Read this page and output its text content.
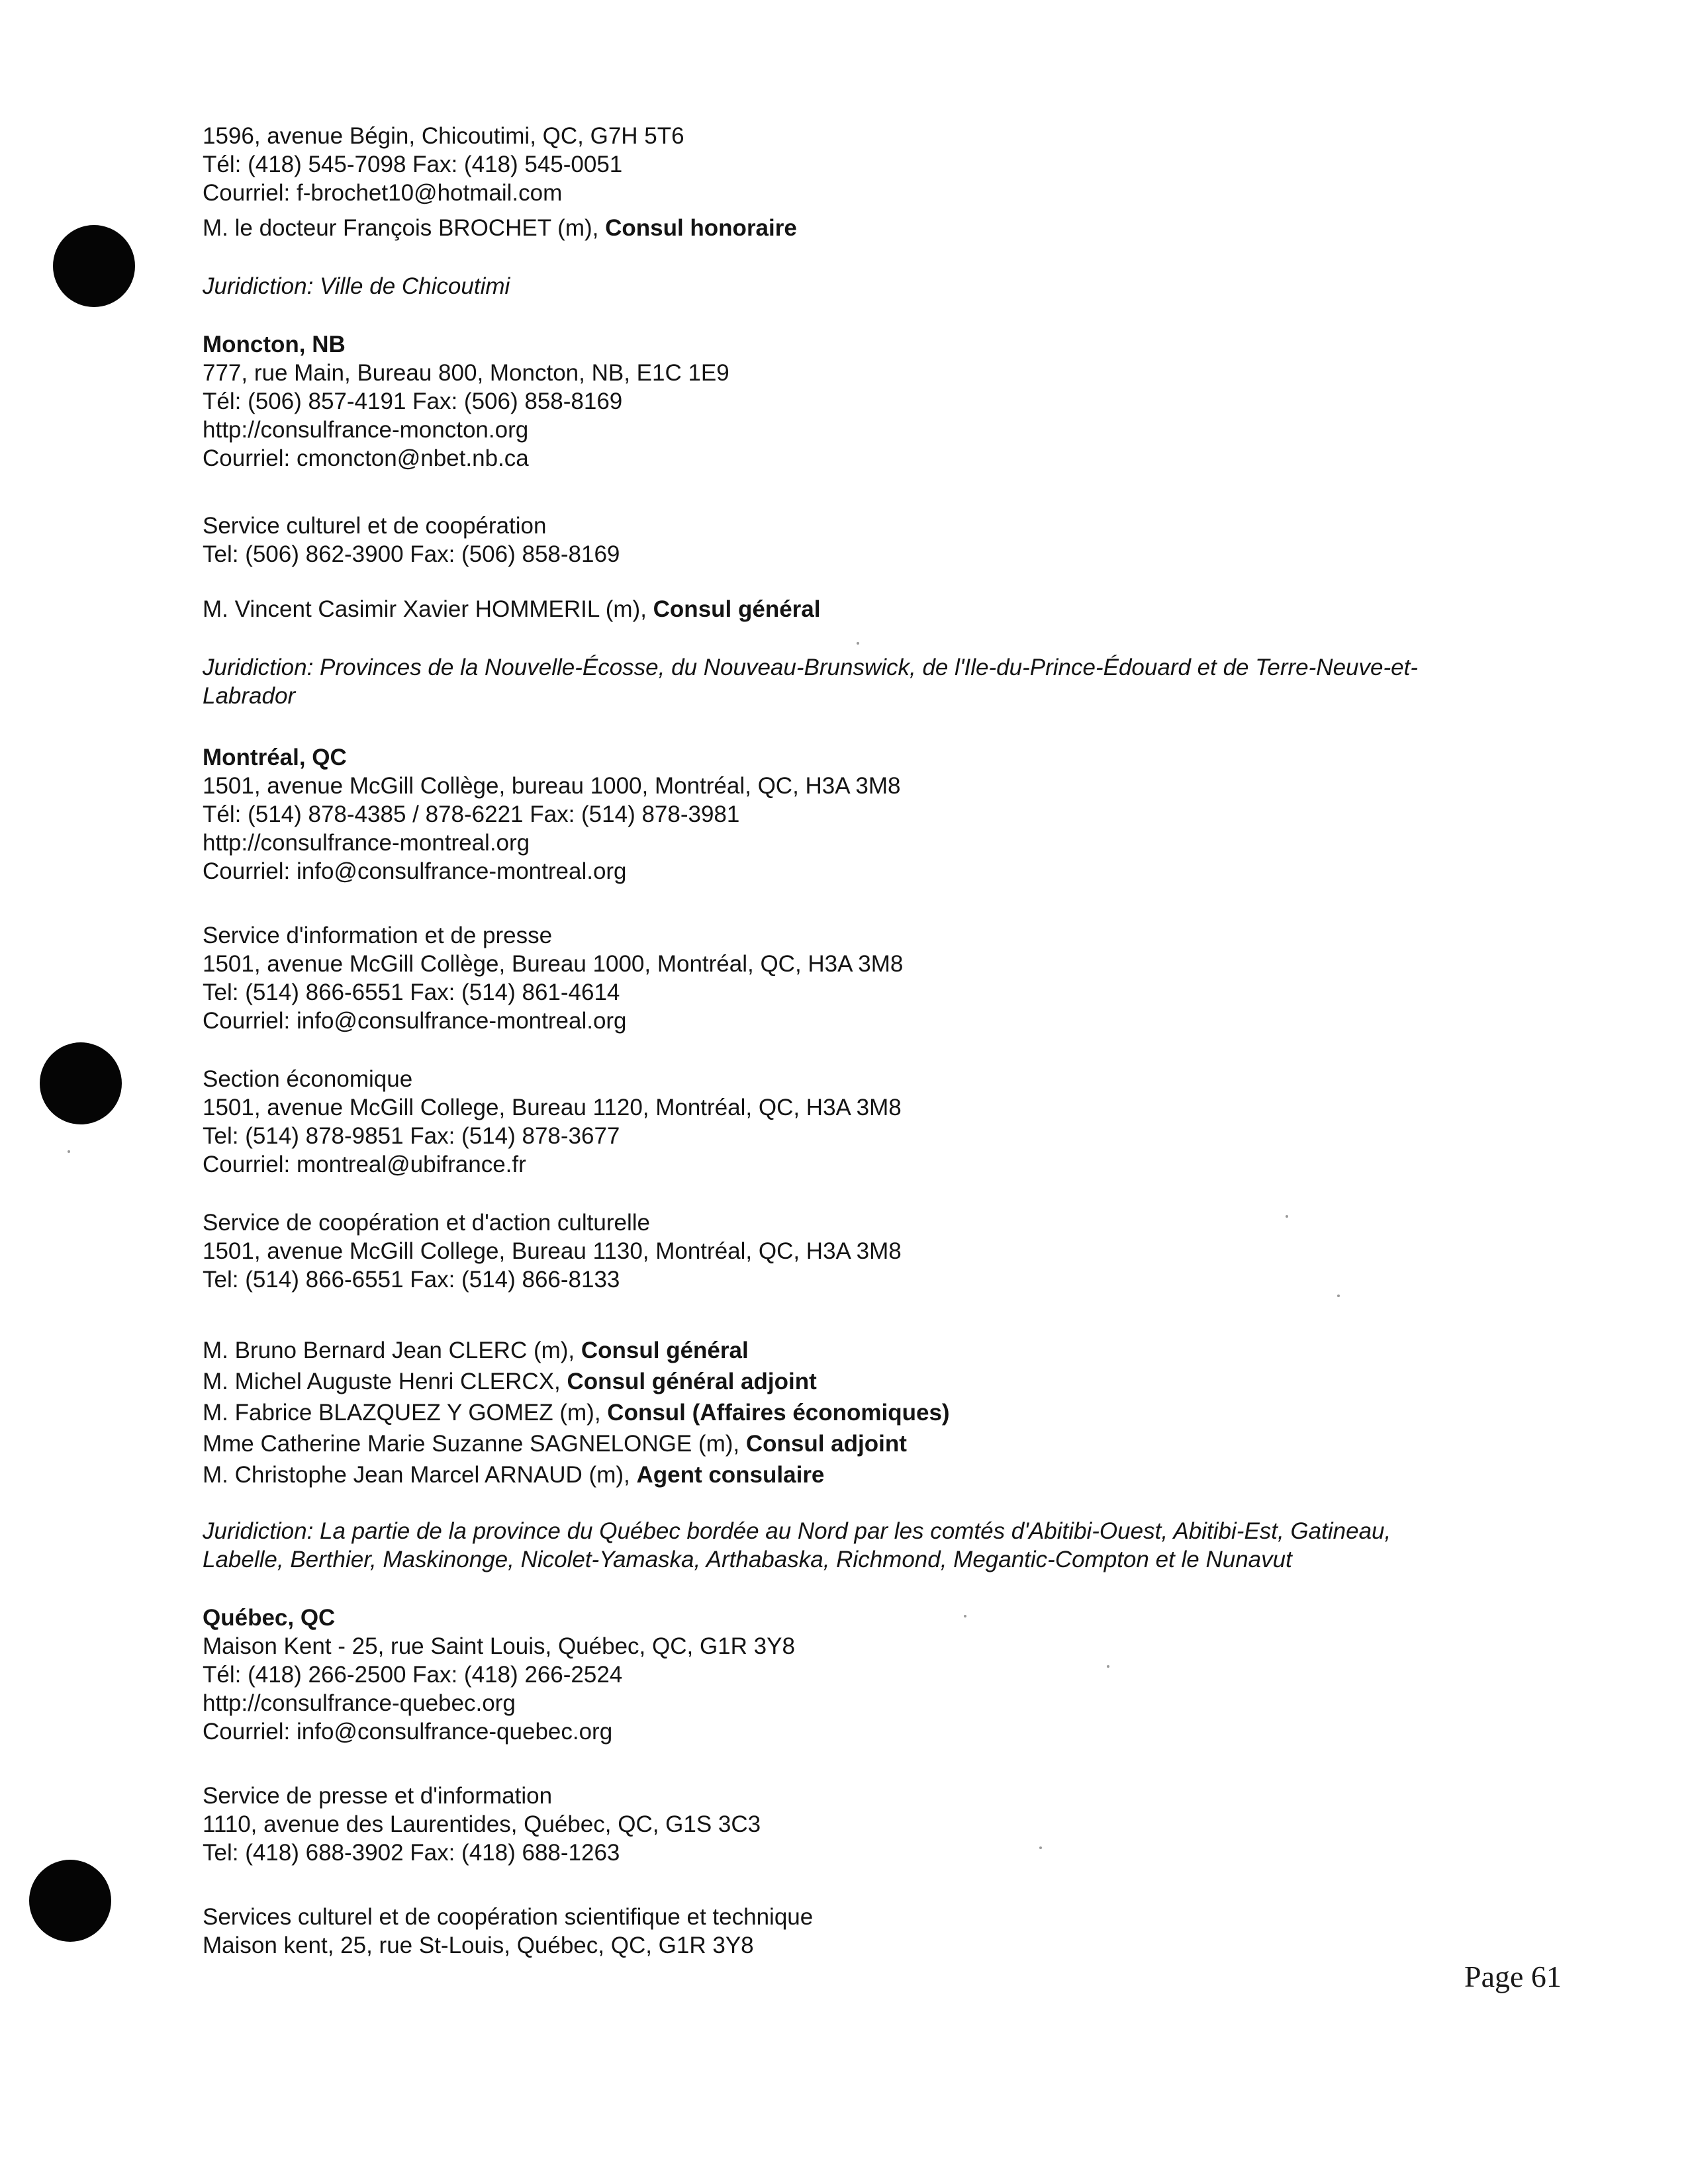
1596, avenue Bégin, Chicoutimi, QC, G7H 5T6
Tél: (418) 545-7098 Fax: (418) 545-0051
Courriel: f-brochet10@hotmail.com
M. le docteur François BROCHET (m), Consul honoraire
Juridiction: Ville de Chicoutimi
Moncton, NB
777, rue Main, Bureau 800, Moncton, NB, E1C 1E9
Tél: (506) 857-4191 Fax: (506) 858-8169
http://consulfrance-moncton.org
Courriel: cmoncton@nbet.nb.ca
Service culturel et de coopération
Tel: (506) 862-3900 Fax: (506) 858-8169
M. Vincent Casimir Xavier HOMMERIL (m), Consul général
Juridiction: Provinces de la Nouvelle-Écosse, du Nouveau-Brunswick, de l'Ile-du-Prince-Édouard et de Terre-Neuve-et-
Labrador
Montréal, QC
1501, avenue McGill Collège, bureau 1000, Montréal, QC, H3A 3M8
Tél: (514) 878-4385 / 878-6221 Fax: (514) 878-3981
http://consulfrance-montreal.org
Courriel: info@consulfrance-montreal.org
Service d'information et de presse
1501, avenue McGill Collège, Bureau 1000, Montréal, QC, H3A 3M8
Tel: (514) 866-6551 Fax: (514) 861-4614
Courriel: info@consulfrance-montreal.org
Section économique
1501, avenue McGill College, Bureau 1120, Montréal, QC, H3A 3M8
Tel: (514) 878-9851 Fax: (514) 878-3677
Courriel: montreal@ubifrance.fr
Service de coopération et d'action culturelle
1501, avenue McGill College, Bureau 1130, Montréal, QC, H3A 3M8
Tel: (514) 866-6551 Fax: (514) 866-8133
M. Bruno Bernard Jean CLERC (m), Consul général
M. Michel Auguste Henri CLERCX, Consul général adjoint
M. Fabrice BLAZQUEZ Y GOMEZ (m), Consul (Affaires économiques)
Mme Catherine Marie Suzanne SAGNELONGE (m), Consul adjoint
M. Christophe Jean Marcel ARNAUD (m), Agent consulaire
Juridiction: La partie de la province du Québec bordée au Nord par les comtés d'Abitibi-Ouest, Abitibi-Est, Gatineau,
Labelle, Berthier, Maskinonge, Nicolet-Yamaska, Arthabaska, Richmond, Megantic-Compton et le Nunavut
Québec, QC
Maison Kent - 25, rue Saint Louis, Québec, QC, G1R 3Y8
Tél: (418) 266-2500 Fax: (418) 266-2524
http://consulfrance-quebec.org
Courriel: info@consulfrance-quebec.org
Service de presse et d'information
1110, avenue des Laurentides, Québec, QC, G1S 3C3
Tel: (418) 688-3902 Fax: (418) 688-1263
Services culturel et de coopération scientifique et technique
Maison kent, 25, rue St-Louis, Québec, QC, G1R 3Y8
Page 61
